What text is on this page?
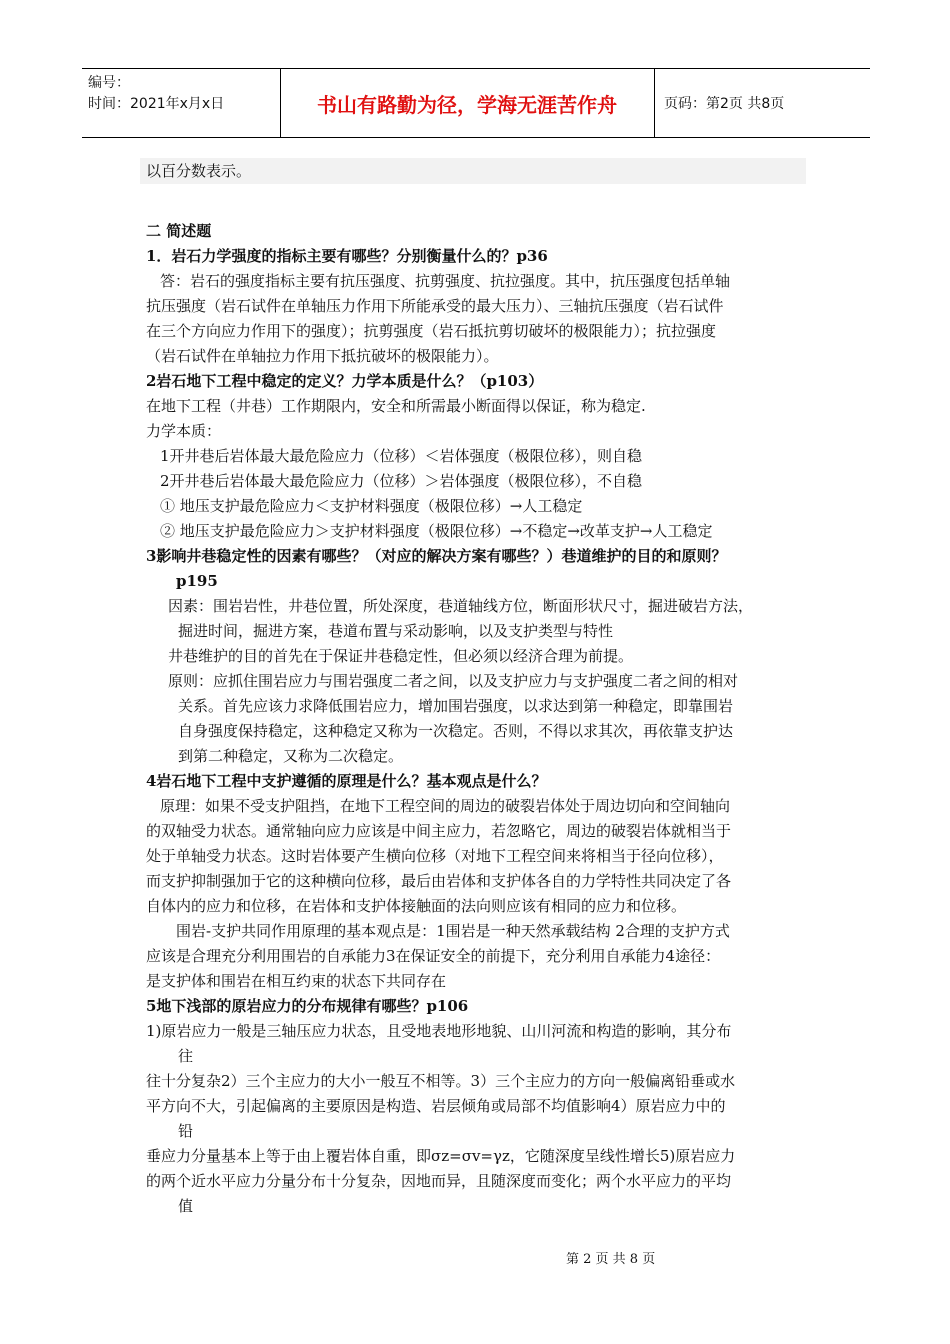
编号：
时间：2021年x月x日	书山有路勤为径，学海无涯苦作舟	页码：第2页 共8页
以百分数表示。
二 简述题
1．岩石力学强度的指标主要有哪些？分别衡量什么的？p36
答：岩石的强度指标主要有抗压强度、抗剪强度、抗拉强度。其中，抗压强度包括单轴
抗压强度（岩石试件在单轴压力作用下所能承受的最大压力）、三轴抗压强度（岩石试件
在三个方向应力作用下的强度）；抗剪强度（岩石抵抗剪切破坏的极限能力）；抗拉强度
（岩石试件在单轴拉力作用下抵抗破坏的极限能力）。
2岩石地下工程中稳定的定义？力学本质是什么？（p103）
在地下工程（井巷）工作期限内，安全和所需最小断面得以保证，称为稳定.
力学本质：
1开井巷后岩体最大最危险应力（位移）＜岩体强度（极限位移），则自稳
2开井巷后岩体最大最危险应力（位移）＞岩体强度（极限位移），不自稳
① 地压支护最危险应力＜支护材料强度（极限位移）→人工稳定
② 地压支护最危险应力＞支护材料强度（极限位移）→不稳定→改革支护→人工稳定
3影响井巷稳定性的因素有哪些？（对应的解决方案有哪些？）巷道维护的目的和原则？
p195
因素：围岩岩性，井巷位置，所处深度，巷道轴线方位，断面形状尺寸，掘进破岩方法，
掘进时间，掘进方案，巷道布置与采动影响，以及支护类型与特性
井巷维护的目的首先在于保证井巷稳定性，但必须以经济合理为前提。
原则：应抓住围岩应力与围岩强度二者之间，以及支护应力与支护强度二者之间的相对
关系。首先应该力求降低围岩应力，增加围岩强度，以求达到第一种稳定，即靠围岩
自身强度保持稳定，这种稳定又称为一次稳定。否则，不得以求其次，再依靠支护达
到第二种稳定，又称为二次稳定。
4岩石地下工程中支护遵循的原理是什么？基本观点是什么？
原理：如果不受支护阻挡，在地下工程空间的周边的破裂岩体处于周边切向和空间轴向
的双轴受力状态。通常轴向应力应该是中间主应力，若忽略它，周边的破裂岩体就相当于
处于单轴受力状态。这时岩体要产生横向位移（对地下工程空间来将相当于径向位移），
而支护抑制强加于它的这种横向位移，最后由岩体和支护体各自的力学特性共同决定了各
自体内的应力和位移，在岩体和支护体接触面的法向则应该有相同的应力和位移。
围岩-支护共同作用原理的基本观点是：1围岩是一种天然承载结构 2合理的支护方式
应该是合理充分利用围岩的自承能力3在保证安全的前提下，充分利用自承能力4途径：
是支护体和围岩在相互约束的状态下共同存在
5地下浅部的原岩应力的分布规律有哪些？p106
1)原岩应力一般是三轴压应力状态，且受地表地形地貌、山川河流和构造的影响，其分布
往
往十分复杂2）三个主应力的大小一般互不相等。3）三个主应力的方向一般偏离铅垂或水
平方向不大，引起偏离的主要原因是构造、岩层倾角或局部不均值影响4）原岩应力中的
铅
垂应力分量基本上等于由上覆岩体自重，即σz=σv=γz，它随深度呈线性增长5)原岩应力
的两个近水平应力分量分布十分复杂，因地而异，且随深度而变化；两个水平应力的平均
值
第 2 页 共 8 页
